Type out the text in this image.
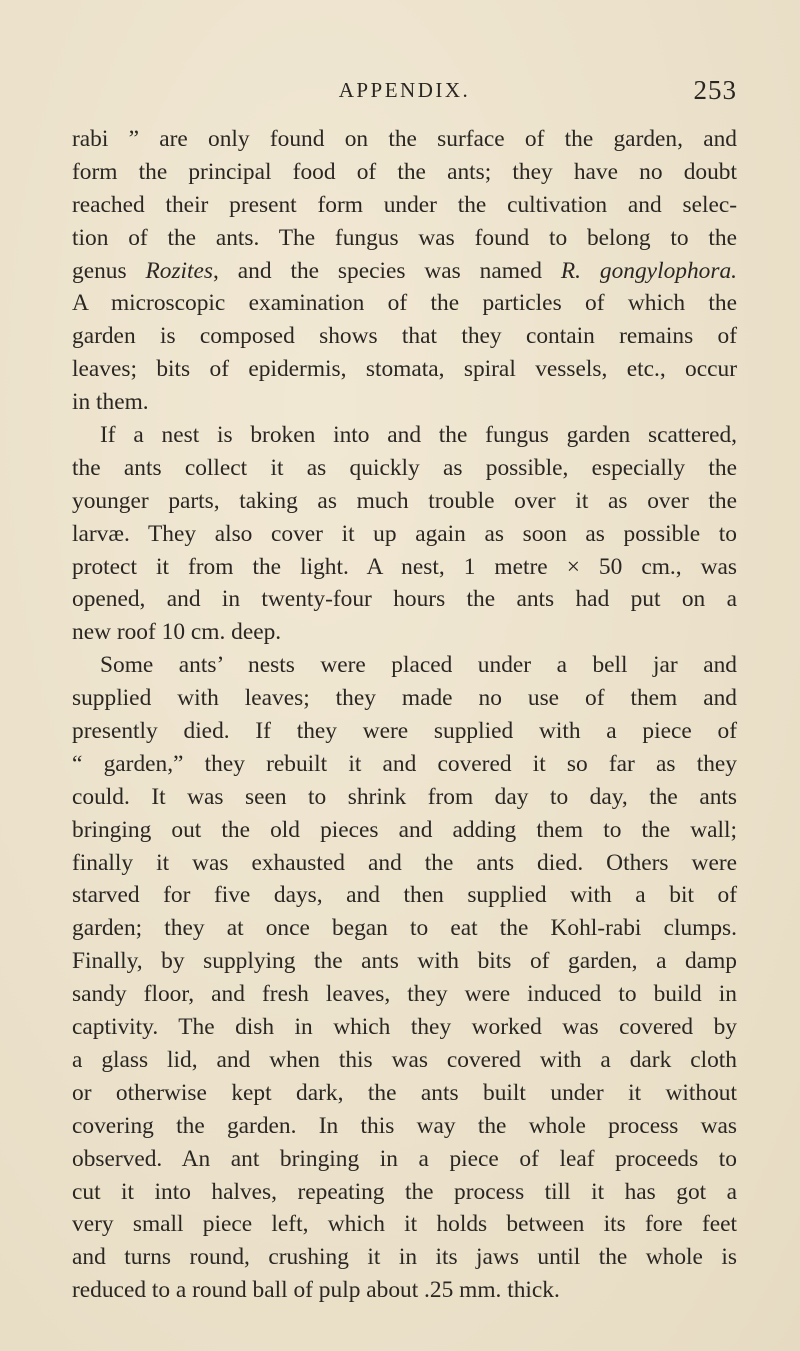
APPENDIX.	253
rabi ” are only found on the surface of the garden, and
form the principal food of the ants; they have no doubt
reached their present form under the cultivation and selec-
tion of the ants. The fungus was found to belong to the
genus Rozites, and the species was named R. gongylophora.
A microscopic examination of the particles of which the
garden is composed shows that they contain remains of
leaves; bits of epidermis, stomata, spiral vessels, etc., occur
in them.
If a nest is broken into and the fungus garden scattered,
the ants collect it as quickly as possible, especially the
younger parts, taking as much trouble over it as over the
larvæ. They also cover it up again as soon as possible to
protect it from the light. A nest, 1 metre × 50 cm., was
opened, and in twenty-four hours the ants had put on a
new roof 10 cm. deep.
Some ants’ nests were placed under a bell jar and
supplied with leaves; they made no use of them and
presently died. If they were supplied with a piece of
“ garden,” they rebuilt it and covered it so far as they
could. It was seen to shrink from day to day, the ants
bringing out the old pieces and adding them to the wall;
finally it was exhausted and the ants died. Others were
starved for five days, and then supplied with a bit of
garden; they at once began to eat the Kohl-rabi clumps.
Finally, by supplying the ants with bits of garden, a damp
sandy floor, and fresh leaves, they were induced to build in
captivity. The dish in which they worked was covered by
a glass lid, and when this was covered with a dark cloth
or otherwise kept dark, the ants built under it without
covering the garden. In this way the whole process was
observed. An ant bringing in a piece of leaf proceeds to
cut it into halves, repeating the process till it has got a
very small piece left, which it holds between its fore feet
and turns round, crushing it in its jaws until the whole is
reduced to a round ball of pulp about .25 mm. thick.
